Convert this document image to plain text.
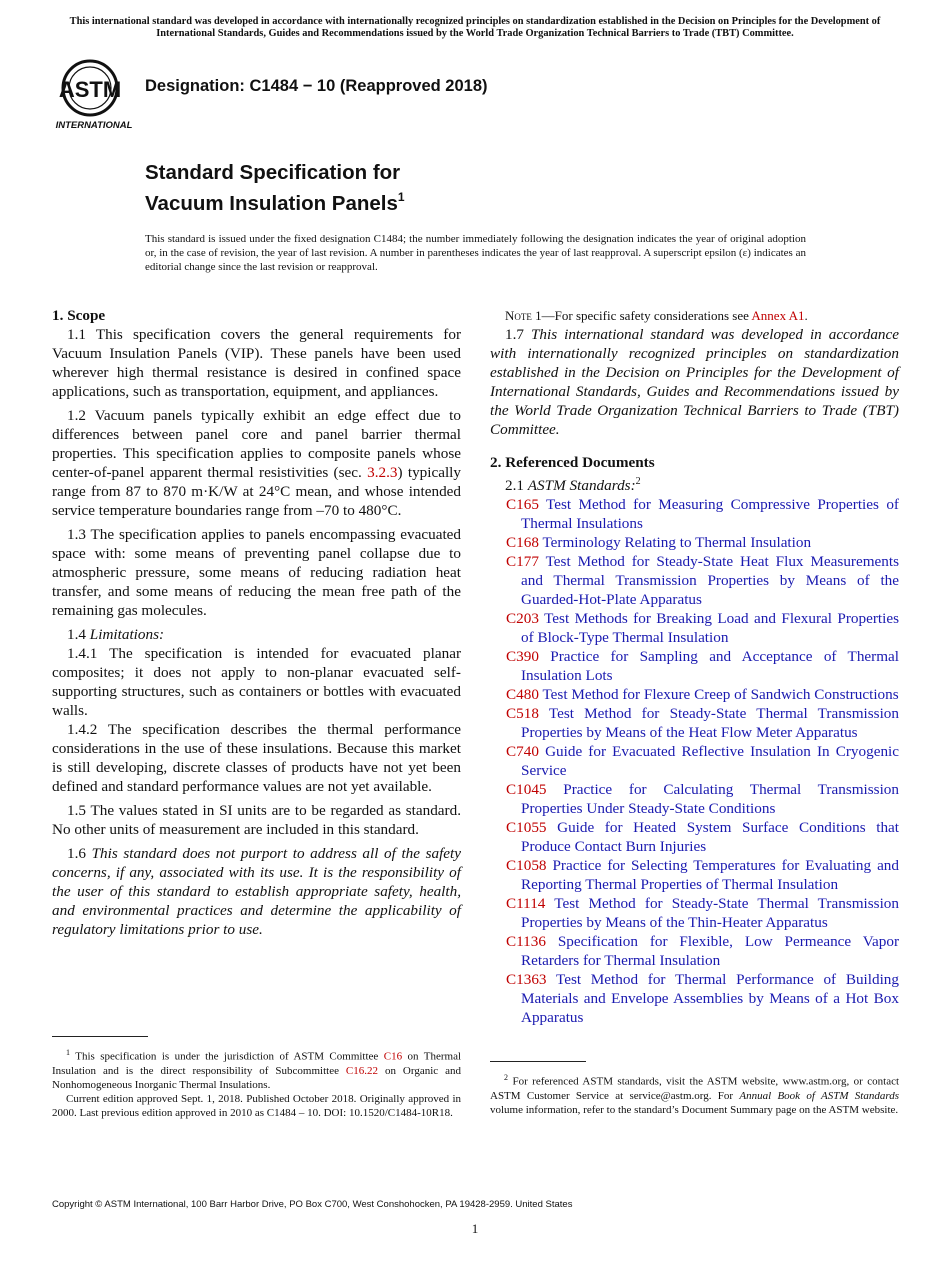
This international standard was developed in accordance with internationally recognized principles on standardization established in the Decision on Principles for the Development of International Standards, Guides and Recommendations issued by the World Trade Organization Technical Barriers to Trade (TBT) Committee.
ASTM
INTERNATIONAL
Designation: C1484 − 10 (Reapproved 2018)
Standard Specification for
Vacuum Insulation Panels$^1$
This standard is issued under the fixed designation C1484; the number immediately following the designation indicates the year of original adoption or, in the case of revision, the year of last revision. A number in parentheses indicates the year of last reapproval. A superscript epsilon (ε) indicates an editorial change since the last revision or reapproval.

1. Scope

1.1 This specification covers the general requirements for Vacuum Insulation Panels (VIP). These panels have been used wherever high thermal resistance is desired in confined space applications, such as transportation, equipment, and appliances.

1.2 Vacuum panels typically exhibit an edge effect due to differences between panel core and panel barrier thermal properties. This specification applies to composite panels whose center-of-panel apparent thermal resistivities (sec. 3.2.3) typically range from 87 to 870 m·K/W at 24°C mean, and whose intended service temperature boundaries range from –70 to 480°C.

1.3 The specification applies to panels encompassing evacuated space with: some means of preventing panel collapse due to atmospheric pressure, some means of reducing radiation heat transfer, and some means of reducing the mean free path of the remaining gas molecules.

1.4 Limitations:

1.4.1 The specification is intended for evacuated planar composites; it does not apply to non-planar evacuated self-supporting structures, such as containers or bottles with evacuated walls.

1.4.2 The specification describes the thermal performance considerations in the use of these insulations. Because this market is still developing, discrete classes of products have not yet been defined and standard performance values are not yet available.

1.5 The values stated in SI units are to be regarded as standard. No other units of measurement are included in this standard.

1.6 This standard does not purport to address all of the safety concerns, if any, associated with its use. It is the responsibility of the user of this standard to establish appropriate safety, health, and environmental practices and determine the applicability of regulatory limitations prior to use.

$^1$ This specification is under the jurisdiction of ASTM Committee C16 on Thermal Insulation and is the direct responsibility of Subcommittee C16.22 on Organic and Nonhomogeneous Inorganic Thermal Insulations.

Current edition approved Sept. 1, 2018. Published October 2018. Originally approved in 2000. Last previous edition approved in 2010 as C1484 – 10. DOI: 10.1520/C1484-10R18.

Note 1—For specific safety considerations see Annex A1.

1.7 This international standard was developed in accordance with internationally recognized principles on standardization established in the Decision on Principles for the Development of International Standards, Guides and Recommendations issued by the World Trade Organization Technical Barriers to Trade (TBT) Committee.

2. Referenced Documents

2.1 ASTM Standards:$^2$

C165 Test Method for Measuring Compressive Properties of Thermal Insulations

C168 Terminology Relating to Thermal Insulation

C177 Test Method for Steady-State Heat Flux Measurements and Thermal Transmission Properties by Means of the Guarded-Hot-Plate Apparatus

C203 Test Methods for Breaking Load and Flexural Properties of Block-Type Thermal Insulation

C390 Practice for Sampling and Acceptance of Thermal Insulation Lots

C480 Test Method for Flexure Creep of Sandwich Constructions

C518 Test Method for Steady-State Thermal Transmission Properties by Means of the Heat Flow Meter Apparatus

C740 Guide for Evacuated Reflective Insulation In Cryogenic Service

C1045 Practice for Calculating Thermal Transmission Properties Under Steady-State Conditions

C1055 Guide for Heated System Surface Conditions that Produce Contact Burn Injuries

C1058 Practice for Selecting Temperatures for Evaluating and Reporting Thermal Properties of Thermal Insulation

C1114 Test Method for Steady-State Thermal Transmission Properties by Means of the Thin-Heater Apparatus

C1136 Specification for Flexible, Low Permeance Vapor Retarders for Thermal Insulation

C1363 Test Method for Thermal Performance of Building Materials and Envelope Assemblies by Means of a Hot Box Apparatus

$^2$ For referenced ASTM standards, visit the ASTM website, www.astm.org, or contact ASTM Customer Service at service@astm.org. For Annual Book of ASTM Standards volume information, refer to the standard’s Document Summary page on the ASTM website.

Copyright © ASTM International, 100 Barr Harbor Drive, PO Box C700, West Conshohocken, PA 19428-2959. United States
1
